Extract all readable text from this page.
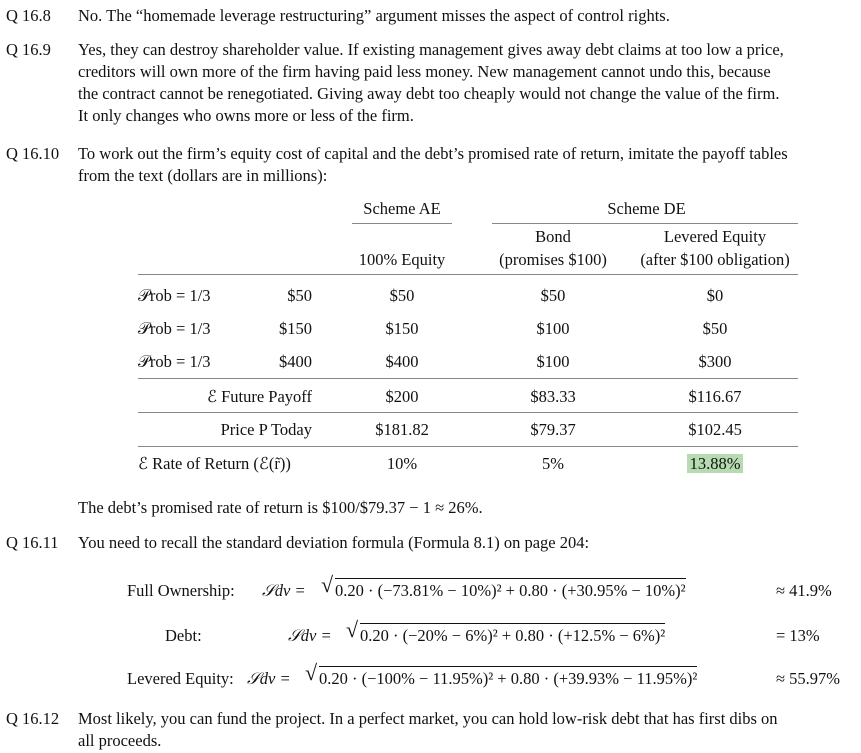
Q 16.8 No. The “homemade leverage restructuring” argument misses the aspect of control rights.
Q 16.9 Yes, they can destroy shareholder value. If existing management gives away debt claims at too low a price,
creditors will own more of the firm having paid less money. New management cannot undo this, because
the contract cannot be renegotiated. Giving away debt too cheaply would not change the value of the firm.
It only changes who owns more or less of the firm.
Q 16.10 To work out the firm’s equity cost of capital and the debt’s promised rate of return, imitate the payoff tables
from the text (dollars are in millions):
Scheme AE	Scheme DE
Bond	Levered Equity
100% Equity	(promises $100)	(after $100 obligation)
𝒫rob = 1/3	$50	$50	$50	$0
𝒫rob = 1/3	$150	$150	$100	$50
𝒫rob = 1/3	$400	$400	$100	$300
ℰ Future Payoff	$200	$83.33	$116.67
Price P Today	$181.82	$79.37	$102.45
ℰ Rate of Return (ℰ(r̃))	10%	5%	13.88%
The debt’s promised rate of return is $100/$79.37 − 1 ≈ 26%.
Q 16.11 You need to recall the standard deviation formula (Formula 8.1) on page 204:
Full Ownership: 𝒮dv = √ 0.20 · (−73.81% − 10%)² + 0.80 · (+30.95% − 10%)²	≈ 41.9%
Debt:	𝒮dv = √ 0.20 · (−20% − 6%)² + 0.80 · (+12.5% − 6%)²	= 13%
Levered Equity: 𝒮dv = √ 0.20 · (−100% − 11.95%)² + 0.80 · (+39.93% − 11.95%)²	≈ 55.97%
Q 16.12 Most likely, you can fund the project. In a perfect market, you can hold low-risk debt that has first dibs on
all proceeds.
